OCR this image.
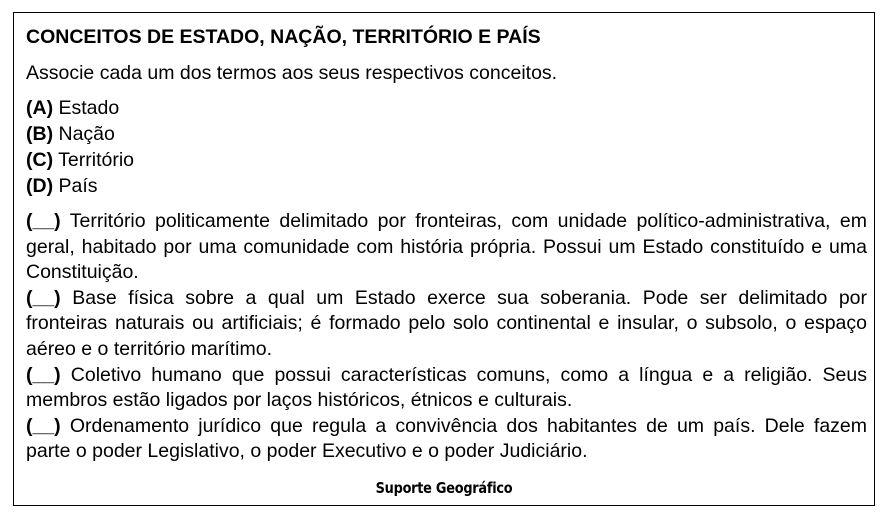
CONCEITOS DE ESTADO, NAÇÃO, TERRITÓRIO E PAÍS
Associe cada um dos termos aos seus respectivos conceitos.
(A) Estado
(B) Nação
(C) Território
(D) País

(__) Território politicamente delimitado por fronteiras, com unidade político-administrativa, em geral, habitado por uma comunidade com história própria. Possui um Estado constituído e uma Constituição.

(__) Base física sobre a qual um Estado exerce sua soberania. Pode ser delimitado por fronteiras naturais ou artificiais; é formado pelo solo continental e insular, o subsolo, o espaço aéreo e o território marítimo.

(__) Coletivo humano que possui características comuns, como a língua e a religião. Seus membros estão ligados por laços históricos, étnicos e culturais.

(__) Ordenamento jurídico que regula a convivência dos habitantes de um país. Dele fazem parte o poder Legislativo, o poder Executivo e o poder Judiciário.

Suporte Geográfico
